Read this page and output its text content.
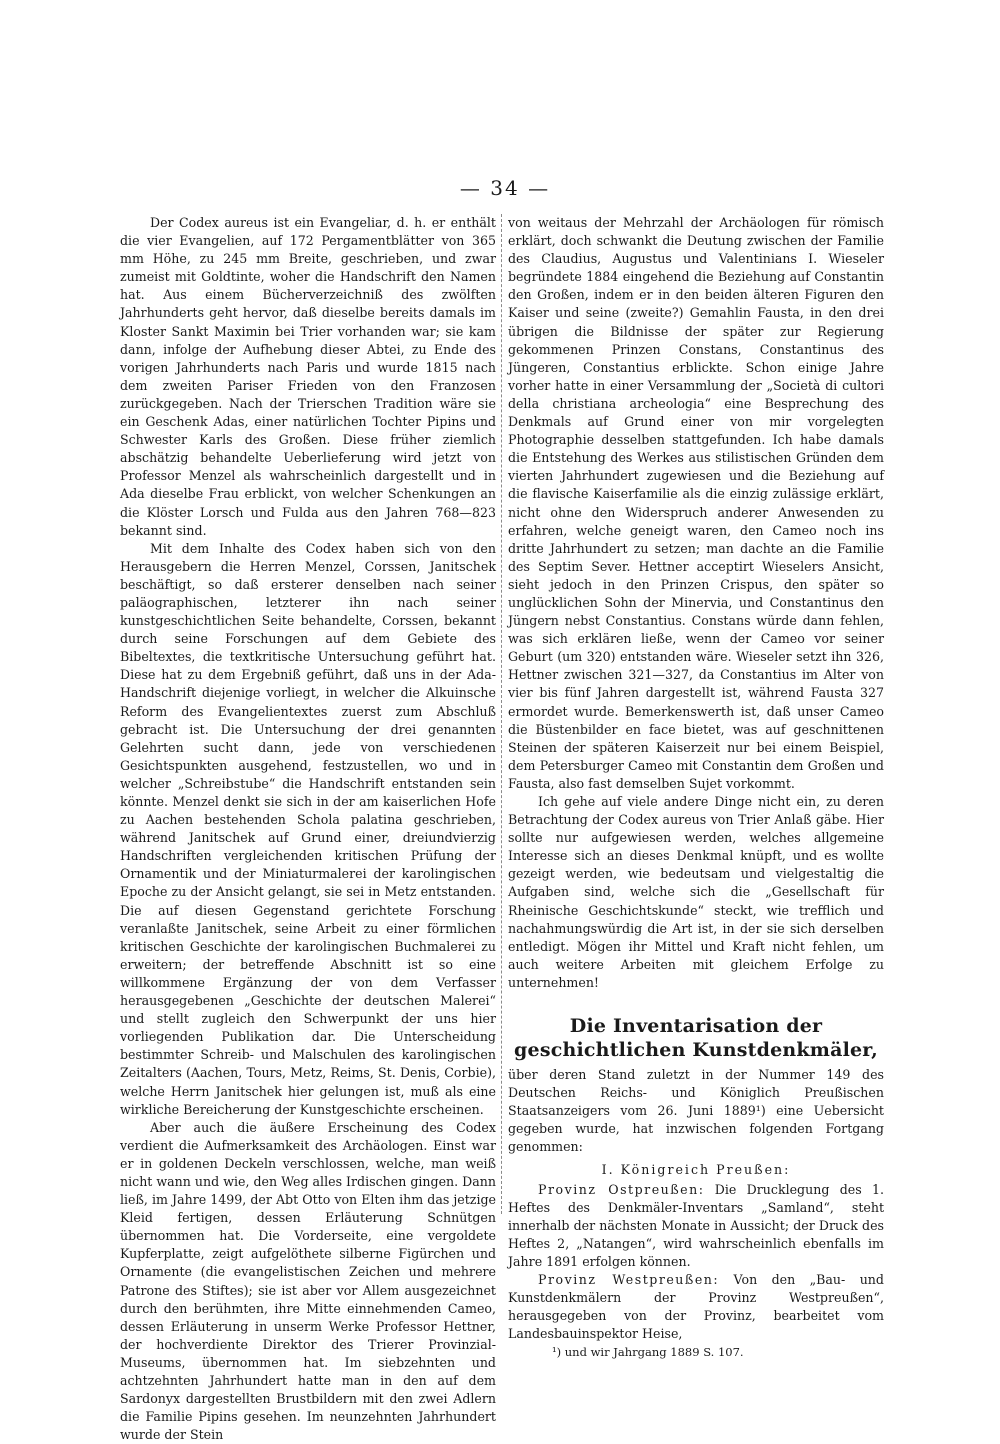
— 34 —

Der Codex aureus ist ein Evangeliar, d. h. er enthält die vier Evangelien, auf 172 Pergamentblätter von 365 mm Höhe, zu 245 mm Breite, geschrieben, und zwar zumeist mit Goldtinte, woher die Handschrift den Namen hat. Aus einem Bücherverzeichniß des zwölften Jahrhunderts geht hervor, daß dieselbe bereits damals im Kloster Sankt Maximin bei Trier vorhanden war; sie kam dann, infolge der Aufhebung dieser Abtei, zu Ende des vorigen Jahrhunderts nach Paris und wurde 1815 nach dem zweiten Pariser Frieden von den Franzosen zurückgegeben. Nach der Trierschen Tradition wäre sie ein Geschenk Adas, einer natürlichen Tochter Pipins und Schwester Karls des Großen. Diese früher ziemlich abschätzig behandelte Ueberlieferung wird jetzt von Professor Menzel als wahrscheinlich dargestellt und in Ada dieselbe Frau erblickt, von welcher Schenkungen an die Klöster Lorsch und Fulda aus den Jahren 768—823 bekannt sind.

Mit dem Inhalte des Codex haben sich von den Herausgebern die Herren Menzel, Corssen, Janitschek beschäftigt, so daß ersterer denselben nach seiner paläographischen, letzterer ihn nach seiner kunstgeschichtlichen Seite behandelte, Corssen, bekannt durch seine Forschungen auf dem Gebiete des Bibeltextes, die textkritische Untersuchung geführt hat. Diese hat zu dem Ergebniß geführt, daß uns in der Ada-Handschrift diejenige vorliegt, in welcher die Alkuinsche Reform des Evangelientextes zuerst zum Abschluß gebracht ist. Die Untersuchung der drei genannten Gelehrten sucht dann, jede von verschiedenen Gesichtspunkten ausgehend, festzustellen, wo und in welcher „Schreibstube“ die Handschrift entstanden sein könnte. Menzel denkt sie sich in der am kaiserlichen Hofe zu Aachen bestehenden Schola palatina geschrieben, während Janitschek auf Grund einer, dreiundvierzig Handschriften vergleichenden kritischen Prüfung der Ornamentik und der Miniaturmalerei der karolingischen Epoche zu der Ansicht gelangt, sie sei in Metz entstanden. Die auf diesen Gegenstand gerichtete Forschung veranlaßte Janitschek, seine Arbeit zu einer förmlichen kritischen Geschichte der karolingischen Buchmalerei zu erweitern; der betreffende Abschnitt ist so eine willkommene Ergänzung der von dem Verfasser herausgegebenen „Geschichte der deutschen Malerei“ und stellt zugleich den Schwerpunkt der uns hier vorliegenden Publikation dar. Die Unterscheidung bestimmter Schreib- und Malschulen des karolingischen Zeitalters (Aachen, Tours, Metz, Reims, St. Denis, Corbie), welche Herrn Janitschek hier gelungen ist, muß als eine wirkliche Bereicherung der Kunstgeschichte erscheinen.

Aber auch die äußere Erscheinung des Codex verdient die Aufmerksamkeit des Archäologen. Einst war er in goldenen Deckeln verschlossen, welche, man weiß nicht wann und wie, den Weg alles Irdischen gingen. Dann ließ, im Jahre 1499, der Abt Otto von Elten ihm das jetzige Kleid fertigen, dessen Erläuterung Schnütgen übernommen hat. Die Vorderseite, eine vergoldete Kupferplatte, zeigt aufgelöthete silberne Figürchen und Ornamente (die evangelistischen Zeichen und mehrere Patrone des Stiftes); sie ist aber vor Allem ausgezeichnet durch den berühmten, ihre Mitte einnehmenden Cameo, dessen Erläuterung in unserm Werke Professor Hettner, der hochverdiente Direktor des Trierer Provinzial-Museums, übernommen hat. Im siebzehnten und achtzehnten Jahrhundert hatte man in den auf dem Sardonyx dargestellten Brustbildern mit den zwei Adlern die Familie Pipins gesehen. Im neunzehnten Jahrhundert wurde der Stein

von weitaus der Mehrzahl der Archäologen für römisch erklärt, doch schwankt die Deutung zwischen der Familie des Claudius, Augustus und Valentinians I. Wieseler begründete 1884 eingehend die Beziehung auf Constantin den Großen, indem er in den beiden älteren Figuren den Kaiser und seine (zweite?) Gemahlin Fausta, in den drei übrigen die Bildnisse der später zur Regierung gekommenen Prinzen Constans, Constantinus des Jüngeren, Constantius erblickte. Schon einige Jahre vorher hatte in einer Versammlung der „Società di cultori della christiana archeologia“ eine Besprechung des Denkmals auf Grund einer von mir vorgelegten Photographie desselben stattgefunden. Ich habe damals die Entstehung des Werkes aus stilistischen Gründen dem vierten Jahrhundert zugewiesen und die Beziehung auf die flavische Kaiserfamilie als die einzig zulässige erklärt, nicht ohne den Widerspruch anderer Anwesenden zu erfahren, welche geneigt waren, den Cameo noch ins dritte Jahrhundert zu setzen; man dachte an die Familie des Septim Sever. Hettner acceptirt Wieselers Ansicht, sieht jedoch in den Prinzen Crispus, den später so unglücklichen Sohn der Minervia, und Constantinus den Jüngern nebst Constantius. Constans würde dann fehlen, was sich erklären ließe, wenn der Cameo vor seiner Geburt (um 320) entstanden wäre. Wieseler setzt ihn 326, Hettner zwischen 321—327, da Constantius im Alter von vier bis fünf Jahren dargestellt ist, während Fausta 327 ermordet wurde. Bemerkenswerth ist, daß unser Cameo die Büstenbilder en face bietet, was auf geschnittenen Steinen der späteren Kaiserzeit nur bei einem Beispiel, dem Petersburger Cameo mit Constantin dem Großen und Fausta, also fast demselben Sujet vorkommt.

Ich gehe auf viele andere Dinge nicht ein, zu deren Betrachtung der Codex aureus von Trier Anlaß gäbe. Hier sollte nur aufgewiesen werden, welches allgemeine Interesse sich an dieses Denkmal knüpft, und es wollte gezeigt werden, wie bedeutsam und vielgestaltig die Aufgaben sind, welche sich die „Gesellschaft für Rheinische Geschichtskunde“ steckt, wie trefflich und nachahmungswürdig die Art ist, in der sie sich derselben entledigt. Mögen ihr Mittel und Kraft nicht fehlen, um auch weitere Arbeiten mit gleichem Erfolge zu unternehmen!

Die Inventarisation der geschichtlichen Kunstdenkmäler,

über deren Stand zuletzt in der Nummer 149 des Deutschen Reichs- und Königlich Preußischen Staatsanzeigers vom 26. Juni 1889¹) eine Uebersicht gegeben wurde, hat inzwischen folgenden Fortgang genommen:

I. Königreich Preußen:

Provinz Ostpreußen: Die Drucklegung des 1. Heftes des Denkmäler-Inventars „Samland“, steht innerhalb der nächsten Monate in Aussicht; der Druck des Heftes 2, „Natangen“, wird wahrscheinlich ebenfalls im Jahre 1891 erfolgen können.

Provinz Westpreußen: Von den „Bau- und Kunstdenkmälern der Provinz Westpreußen“, herausgegeben von der Provinz, bearbeitet vom Landesbauinspektor Heise,

¹) und wir Jahrgang 1889 S. 107.
